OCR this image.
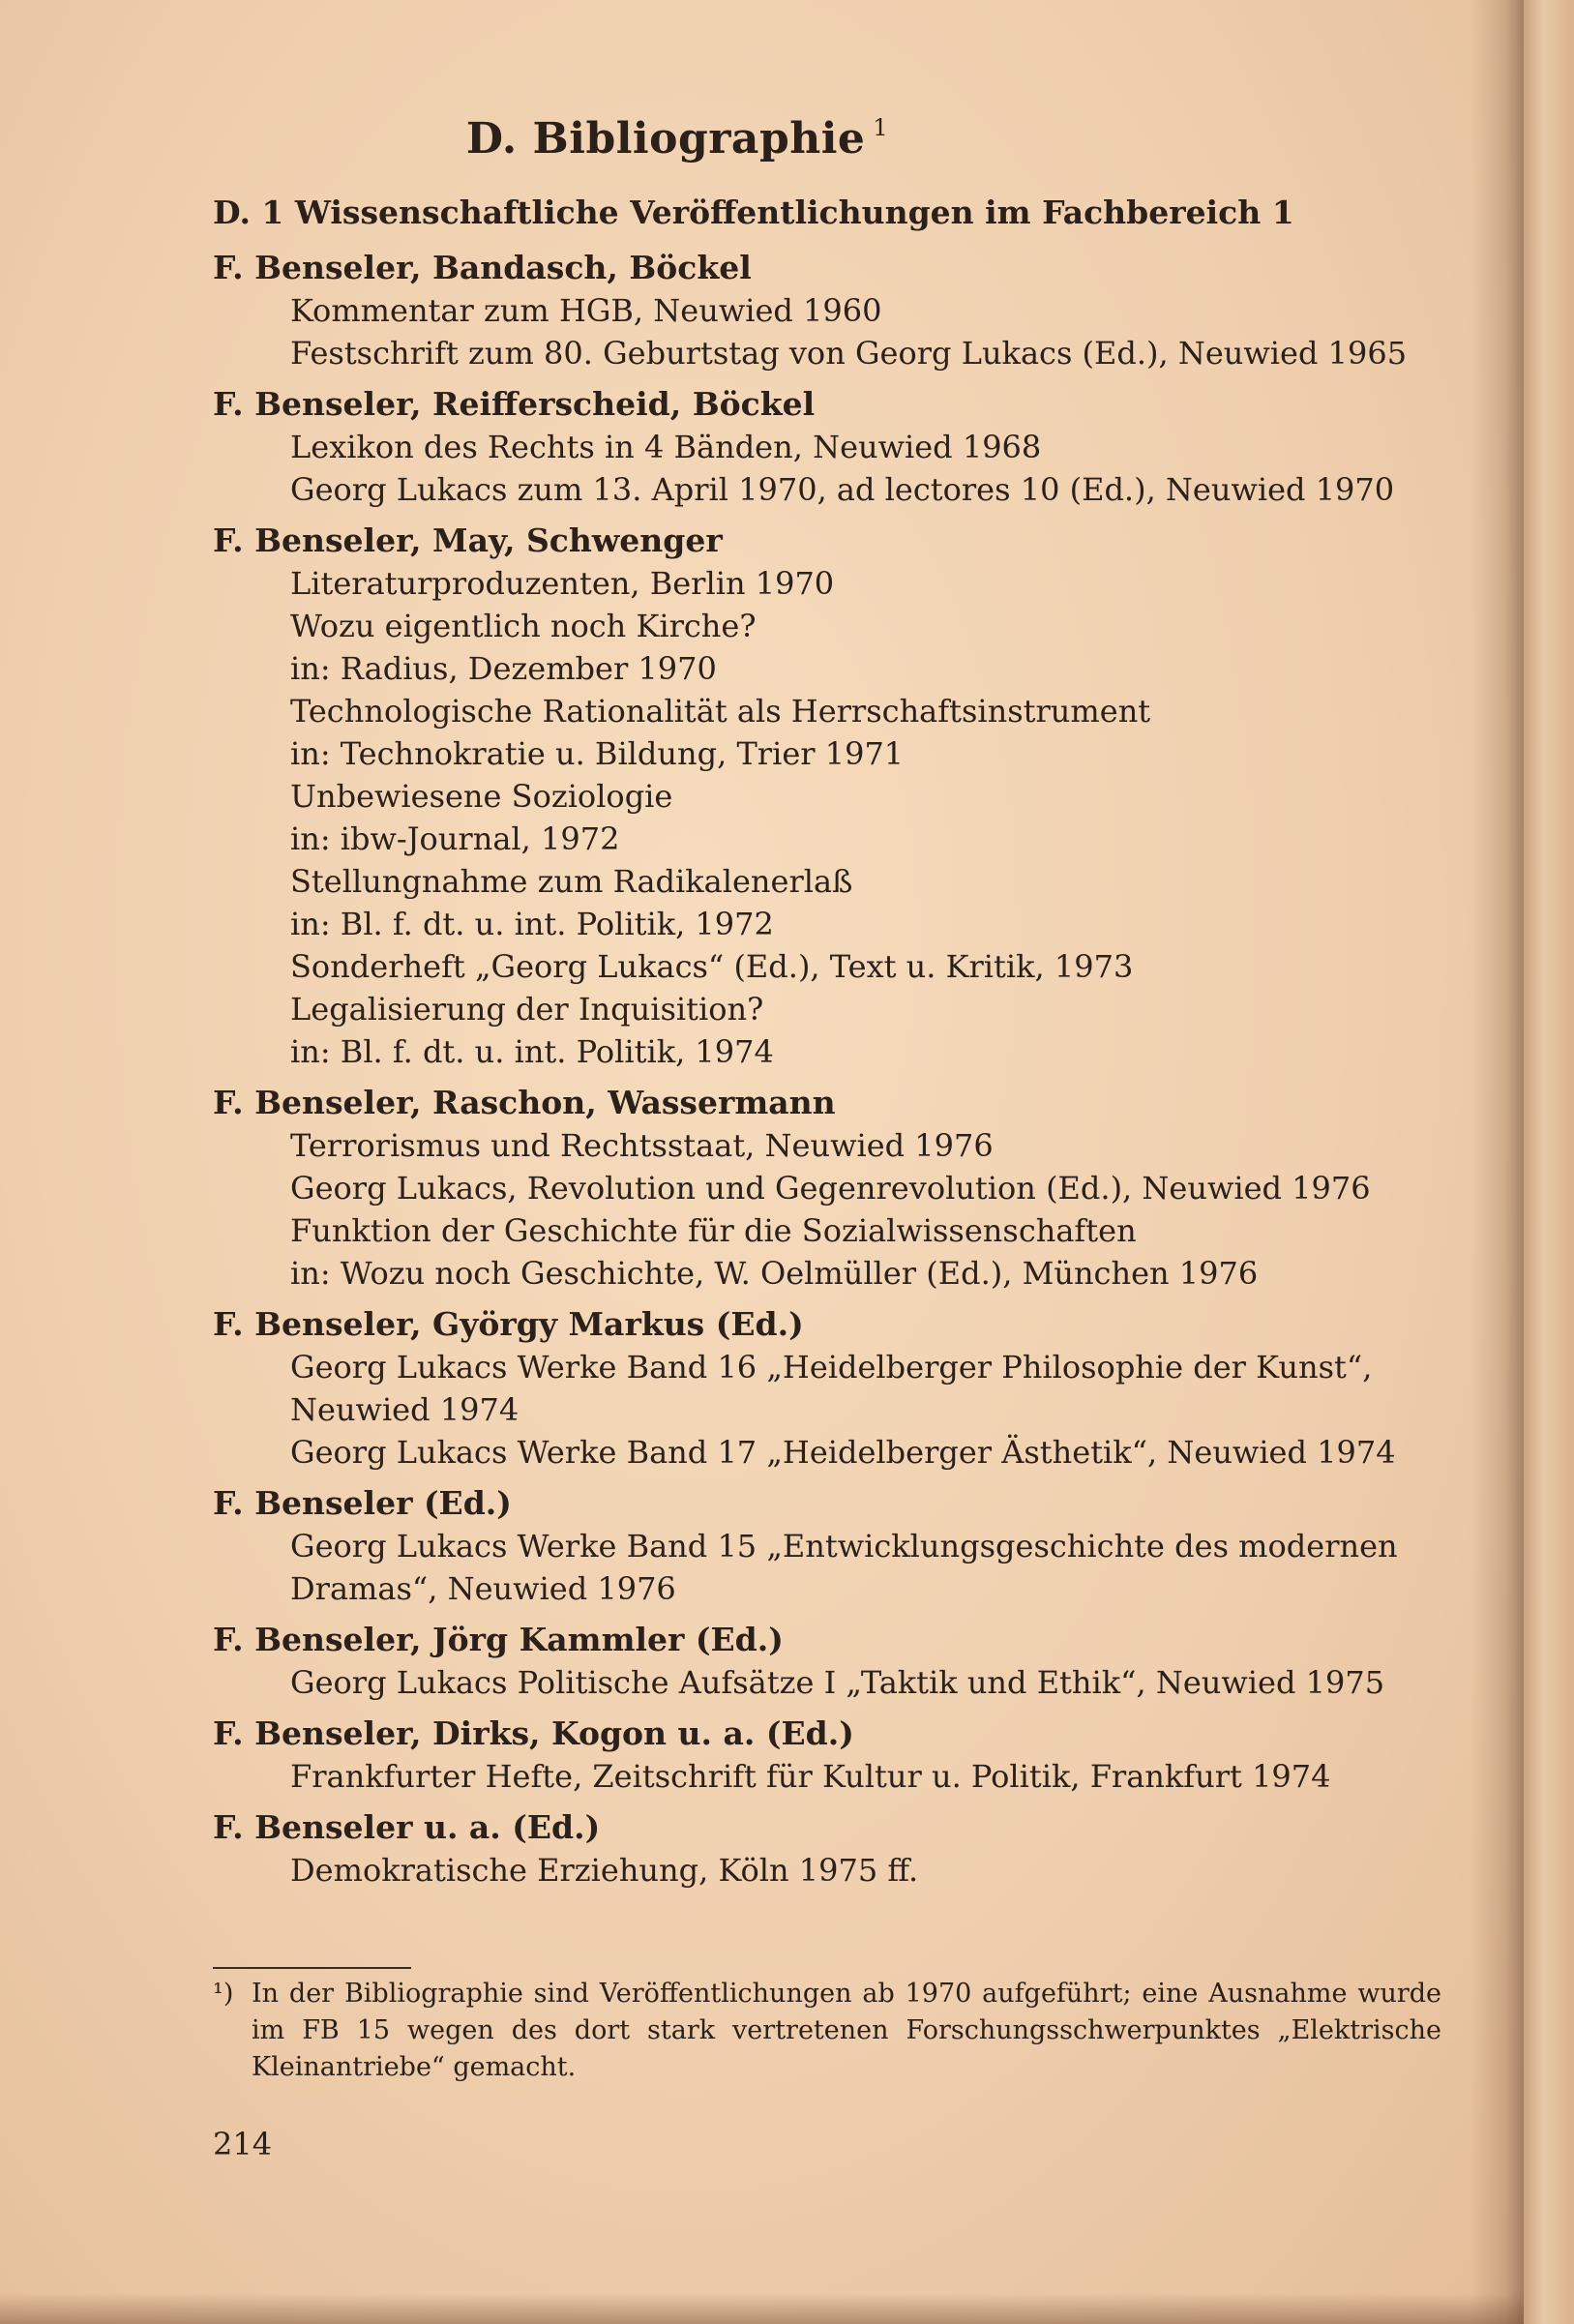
D. Bibliographie $^1$
D. 1 Wissenschaftliche Veröffentlichungen im Fachbereich 1
F. Benseler, Bandasch, Böckel
Kommentar zum HGB, Neuwied 1960
Festschrift zum 80. Geburtstag von Georg Lukacs (Ed.), Neuwied 1965
F. Benseler, Reifferscheid, Böckel
Lexikon des Rechts in 4 Bänden, Neuwied 1968
Georg Lukacs zum 13. April 1970, ad lectores 10 (Ed.), Neuwied 1970
F. Benseler, May, Schwenger
Literaturproduzenten, Berlin 1970
Wozu eigentlich noch Kirche?
in: Radius, Dezember 1970
Technologische Rationalität als Herrschaftsinstrument
in: Technokratie u. Bildung, Trier 1971
Unbewiesene Soziologie
in: ibw-Journal, 1972
Stellungnahme zum Radikalenerlaß
in: Bl. f. dt. u. int. Politik, 1972
Sonderheft „Georg Lukacs“ (Ed.), Text u. Kritik, 1973
Legalisierung der Inquisition?
in: Bl. f. dt. u. int. Politik, 1974
F. Benseler, Raschon, Wassermann
Terrorismus und Rechtsstaat, Neuwied 1976
Georg Lukacs, Revolution und Gegenrevolution (Ed.), Neuwied 1976
Funktion der Geschichte für die Sozialwissenschaften
in: Wozu noch Geschichte, W. Oelmüller (Ed.), München 1976
F. Benseler, György Markus (Ed.)
Georg Lukacs Werke Band 16 „Heidelberger Philosophie der Kunst“, Neuwied 1974
Georg Lukacs Werke Band 17 „Heidelberger Ästhetik“, Neuwied 1974
F. Benseler (Ed.)
Georg Lukacs Werke Band 15 „Entwicklungsgeschichte des modernen Dramas“, Neuwied 1976
F. Benseler, Jörg Kammler (Ed.)
Georg Lukacs Politische Aufsätze I „Taktik und Ethik“, Neuwied 1975
F. Benseler, Dirks, Kogon u. a. (Ed.)
Frankfurter Hefte, Zeitschrift für Kultur u. Politik, Frankfurt 1974
F. Benseler u. a. (Ed.)
Demokratische Erziehung, Köln 1975 ff.
¹) In der Bibliographie sind Veröffentlichungen ab 1970 aufgeführt; eine Ausnahme wurde im FB 15 wegen des dort stark vertretenen Forschungsschwerpunktes „Elektrische Kleinantriebe“ gemacht.
214
